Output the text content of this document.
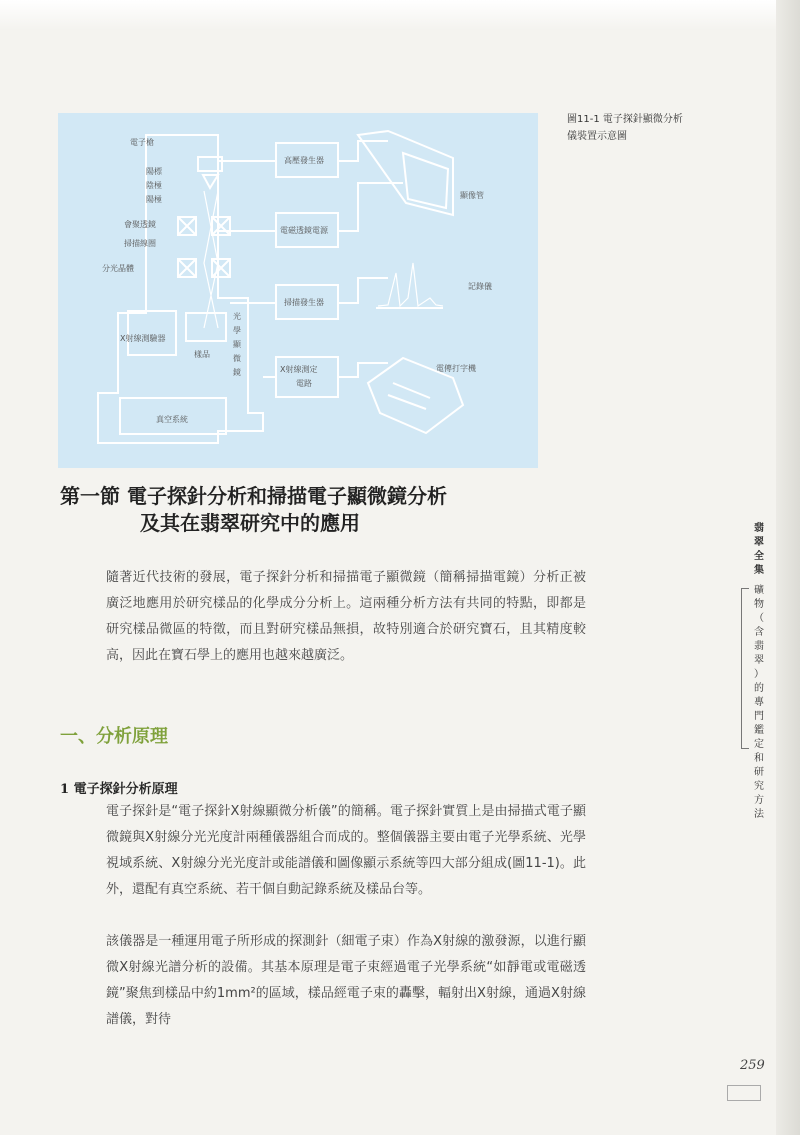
電子槍
陽標
陰極
陽極
會聚透鏡
掃描線圈
分光晶體
X射線測驗器
樣品
光
學
顯
微
鏡
真空系統
高壓發生器
電磁透鏡電源
掃描發生器
X射線測定
電路
顯像管
記錄儀
電傳打字機

圖11-1 電子探針顯微分析
儀裝置示意圖

第一節 電子探針分析和掃描電子顯微鏡分析
及其在翡翠研究中的應用

隨著近代技術的發展，電子探針分析和掃描電子顯微鏡（簡稱掃描電鏡）分析正被廣泛地應用於研究樣品的化學成分分析上。這兩種分析方法有共同的特點，即都是研究樣品微區的特徵，而且對研究樣品無損，故特別適合於研究寶石，且其精度較高，因此在寶石學上的應用也越來越廣泛。

一、分析原理
1 電子探針分析原理

電子探針是“電子探針X射線顯微分析儀”的簡稱。電子探針實質上是由掃描式電子顯微鏡與X射線分光光度計兩種儀器組合而成的。整個儀器主要由電子光學系統、光學視域系統、X射線分光光度計或能譜儀和圖像顯示系統等四大部分組成(圖11-1)。此外，還配有真空系統、若干個自動記錄系統及樣品台等。

該儀器是一種運用電子所形成的探測針（細電子束）作為X射線的激發源，以進行顯微X射線光譜分析的設備。其基本原理是電子束經過電子光學系統“如靜電或電磁透鏡”聚焦到樣品中約1mm²的區域，樣品經電子束的轟擊，輻射出X射線，通過X射線譜儀，對待

翡
翠
全
集
礦
物
（
含
翡
翠
）
的
專
門
鑑
定
和
研
究
方
法
259
